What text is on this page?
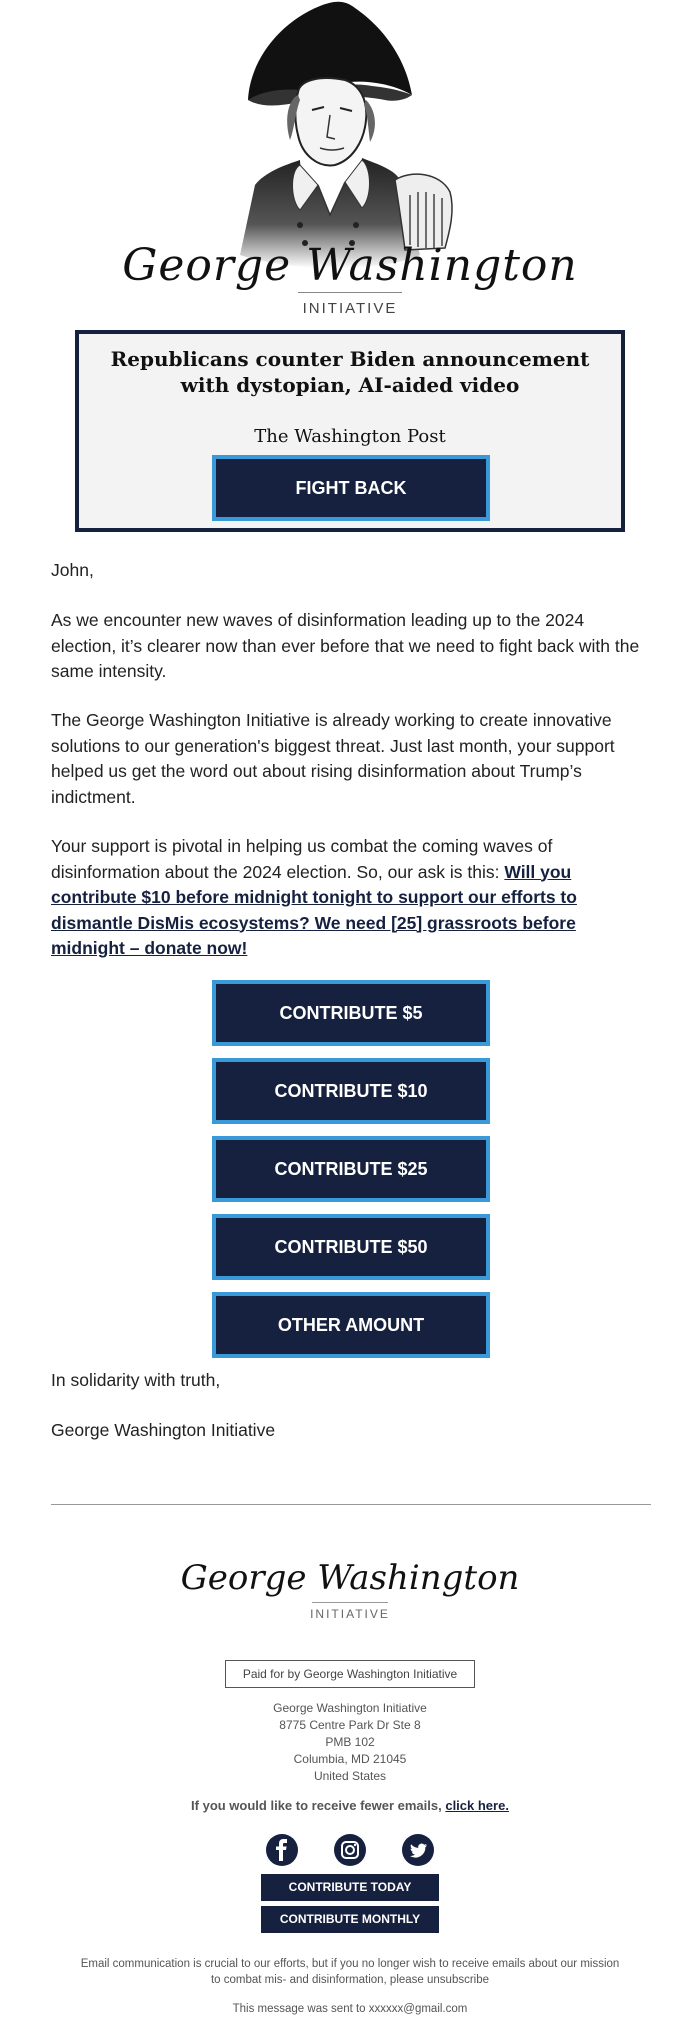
George Washington
INITIATIVE
Republicans counter Biden announcement with dystopian, AI-aided video
The Washington Post
FIGHT BACK
John,

As we encounter new waves of disinformation leading up to the 2024 election, it’s clearer now than ever before that we need to fight back with the same intensity.

The George Washington Initiative is already working to create innovative solutions to our generation's biggest threat. Just last month, your support helped us get the word out about rising disinformation about Trump’s indictment.

Your support is pivotal in helping us combat the coming waves of disinformation about the 2024 election. So, our ask is this: Will you contribute $10 before midnight tonight to support our efforts to dismantle DisMis ecosystems? We need [25] grassroots before midnight – donate now!

CONTRIBUTE $5
CONTRIBUTE $10
CONTRIBUTE $25
CONTRIBUTE $50
OTHER AMOUNT
In solidarity with truth,
George Washington Initiative
George Washington
INITIATIVE
Paid for by George Washington Initiative
George Washington Initiative
8775 Centre Park Dr Ste 8
PMB 102
Columbia, MD 21045
United States
If you would like to receive fewer emails, click here.
CONTRIBUTE TODAY
CONTRIBUTE MONTHLY
Email communication is crucial to our efforts, but if you no longer wish to receive emails about our mission to combat mis- and disinformation, please unsubscribe
This message was sent to xxxxxx@gmail.com
